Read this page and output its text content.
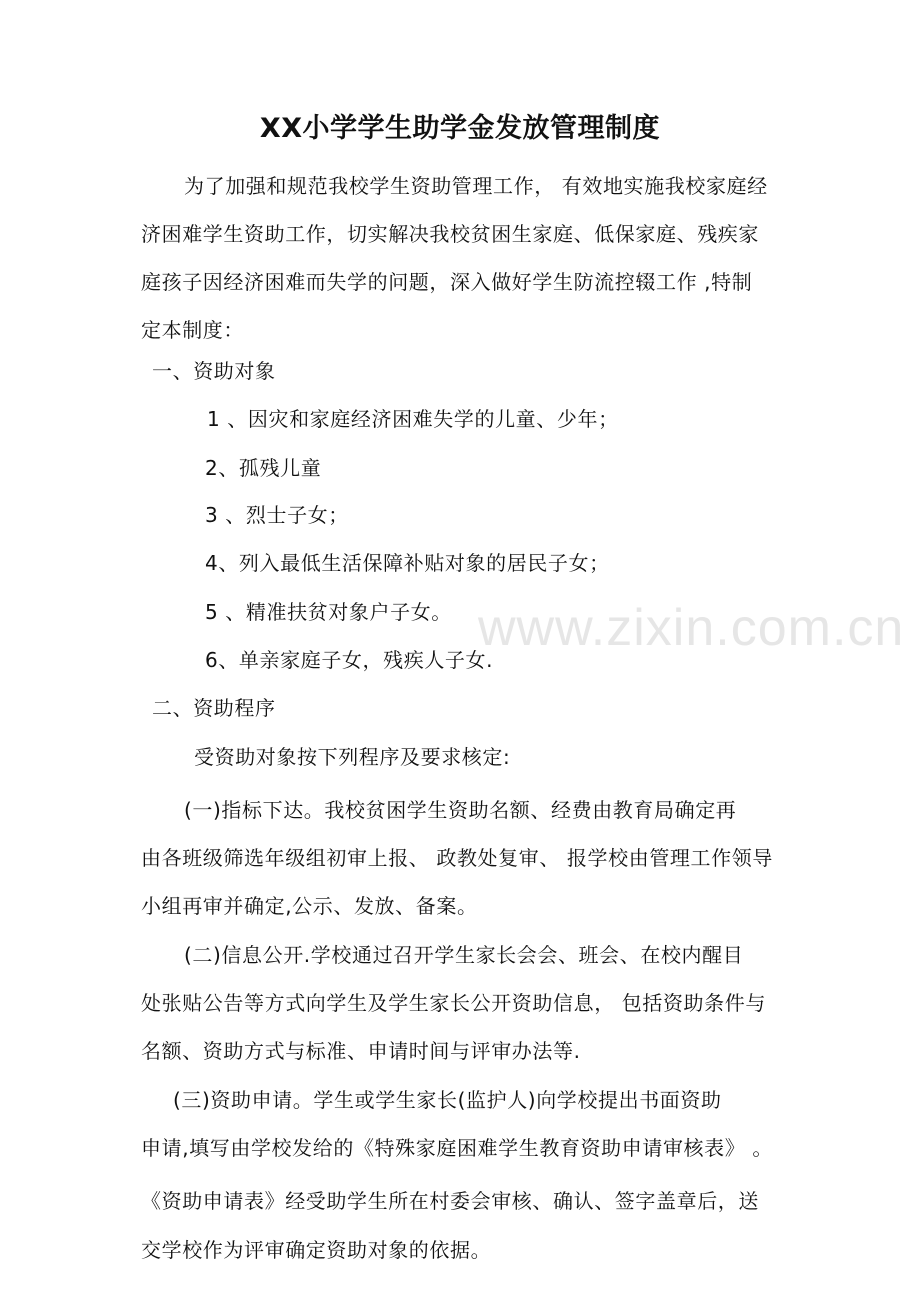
XX小学学生助学金发放管理制度
为了加强和规范我校学生资助管理工作， 有效地实施我校家庭经
济困难学生资助工作，切实解决我校贫困生家庭、低保家庭、残疾家
庭孩子因经济困难而失学的问题，深入做好学生防流控辍工作 ,特制
定本制度：
一、资助对象
1 、因灾和家庭经济困难失学的儿童、少年；
2、孤残儿童
3 、烈士子女；
4、列入最低生活保障补贴对象的居民子女；
5 、精准扶贫对象户子女。
6、单亲家庭子女，残疾人子女.
二、资助程序
受资助对象按下列程序及要求核定:
(一)指标下达。我校贫困学生资助名额、经费由教育局确定再
由各班级筛选年级组初审上报、 政教处复审、 报学校由管理工作领导
小组再审并确定,公示、发放、备案。
(二)信息公开.学校通过召开学生家长会会、班会、在校内醒目
处张贴公告等方式向学生及学生家长公开资助信息， 包括资助条件与
名额、资助方式与标准、申请时间与评审办法等.
(三)资助申请。学生或学生家长(监护人)向学校提出书面资助
申请,填写由学校发给的《特殊家庭困难学生教育资助申请审核表》 。
《资助申请表》经受助学生所在村委会审核、确认、签字盖章后，送
交学校作为评审确定资助对象的依据。
www.zixin.com.cn
